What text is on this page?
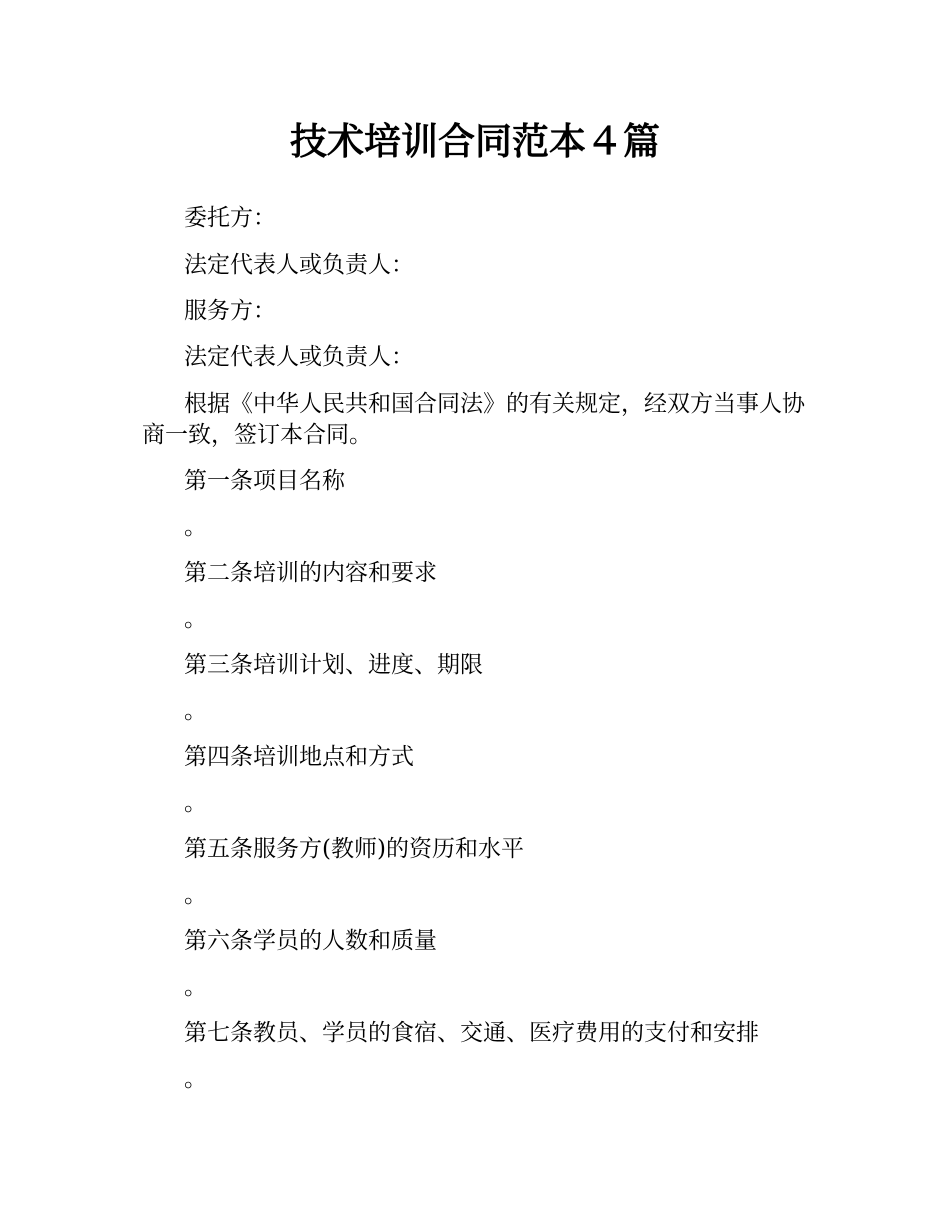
技术培训合同范本４篇

委托方：

法定代表人或负责人：

服务方：

法定代表人或负责人：

根据《中华人民共和国合同法》的有关规定，经双方当事人协商一致，签订本合同。

第一条项目名称

。

第二条培训的内容和要求

。

第三条培训计划、进度、期限

。

第四条培训地点和方式

。

第五条服务方(教师)的资历和水平

。

第六条学员的人数和质量

。

第七条教员、学员的食宿、交通、医疗费用的支付和安排

。
